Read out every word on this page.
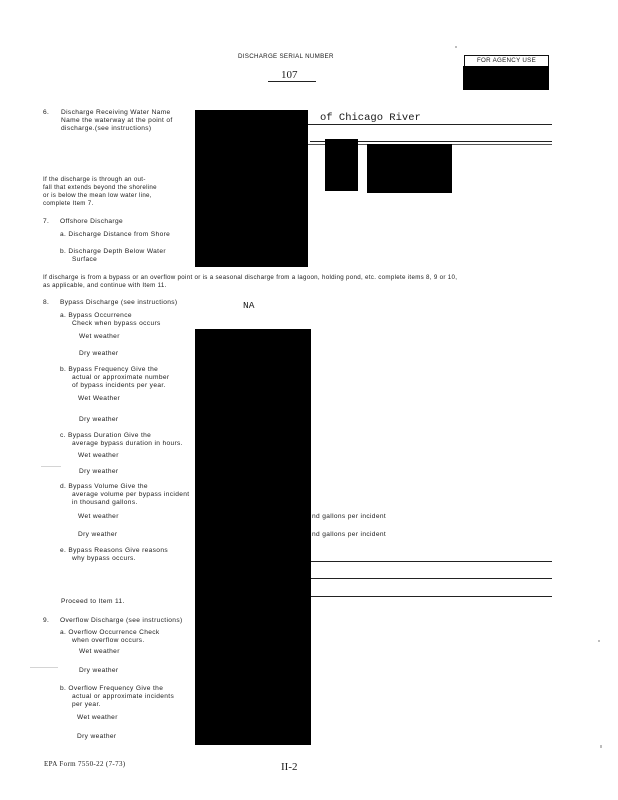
DISCHARGE SERIAL NUMBER
107
FOR AGENCY USE
6. Discharge Receiving Water Name
Name the waterway at the point of
discharge.(see instructions)
of Chicago River
If the discharge is through an out-
fall that extends beyond the shoreline
or is below the mean low water line,
complete Item 7.
7. Offshore Discharge
a. Discharge Distance from Shore
b. Discharge Depth Below Water
Surface
If discharge is from a bypass or an overflow point or is a seasonal discharge from a lagoon, holding pond, etc. complete items 8, 9 or 10,
as applicable, and continue with Item 11.
8. Bypass Discharge (see instructions)	NA
a. Bypass Occurrence
Check when bypass occurs
Wet weather
Dry weather
b. Bypass Frequency Give the
actual or approximate number
of bypass incidents per year.
Wet Weather
Dry weather
c. Bypass Duration Give the
average bypass duration in hours.
Wet weather
Dry weather
d. Bypass Volume Give the
average volume per bypass incident
in thousand gallons.
Wet weather
Dry weather
nd gallons per incident
nd gallons per incident
e. Bypass Reasons Give reasons
why bypass occurs.
Proceed to Item 11.
9. Overflow Discharge (see instructions)
a. Overflow Occurrence Check
when overflow occurs.
Wet weather
Dry weather
b. Overflow Frequency Give the
actual or approximate incidents
per year.
Wet weather
Dry weather
EPA Form 7550-22 (7-73)	II-2
